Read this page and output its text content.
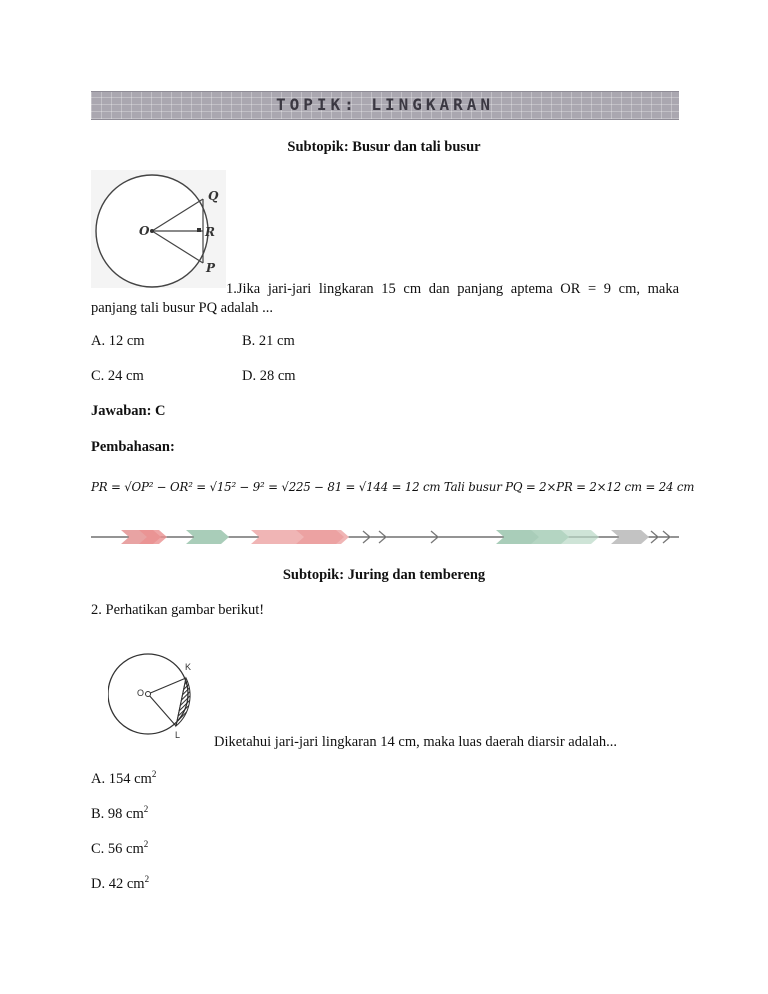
TOPIK: LINGKARAN
Subtopik: Busur dan tali busur
O
Q
R
P
1.Jika jari-jari lingkaran 15 cm dan panjang aptema OR = 9 cm, maka
panjang tali busur PQ adalah ...
A. 12 cm	B. 21 cm
C. 24 cm	D. 28 cm
Jawaban: C
Pembahasan:
PR = √OP² − OR² = √15² − 9² = √225 − 81 = √144 = 12 cm Tali busur PQ = 2×PR = 2×12 cm = 24 cm
Subtopik: Juring dan tembereng
2. Perhatikan gambar berikut!
O
K
L Diketahui jari-jari lingkaran 14 cm, maka luas daerah diarsir adalah...
A. 154 $cm^2$
B. 98 $cm^2$
C. 56 $cm^2$
D. 42 $cm^2$
